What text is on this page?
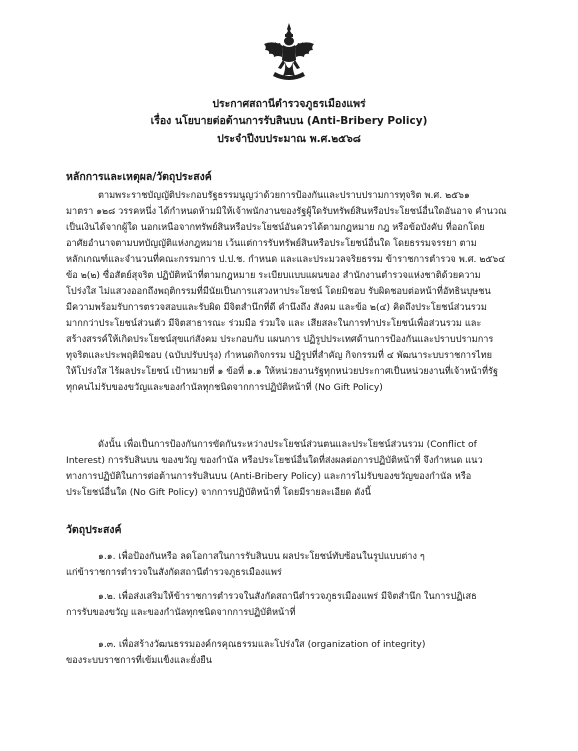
ประกาศสถานีตำรวจภูธรเมืองแพร่
เรื่อง นโยบายต่อต้านการรับสินบน (Anti-Bribery Policy)
ประจำปีงบประมาณ พ.ศ.๒๕๖๘
หลักการและเหตุผล/วัตถุประสงค์
ตามพระราชบัญญัติประกอบรัฐธรรมนูญว่าด้วยการป้องกันและปราบปรามการทุจริต พ.ศ. ๒๕๖๑
มาตรา ๑๒๘ วรรคหนึ่ง ได้กำหนดห้ามมิให้เจ้าพนักงานของรัฐผู้ใดรับทรัพย์สินหรือประโยชน์อื่นใดอันอาจ คำนวณ
เป็นเงินได้จากผู้ใด นอกเหนือจากทรัพย์สินหรือประโยชน์อันควรได้ตามกฎหมาย กฎ หรือข้อบังคับ ที่ออกโดย
อาศัยอำนาจตามบทบัญญัติแห่งกฎหมาย เว้นแต่การรับทรัพย์สินหรือประโยชน์อื่นใด โดยธรรมจรรยา ตาม
หลักเกณฑ์และจำนวนที่คณะกรรมการ ป.ป.ช. กำหนด และและประมวลจริยธรรม ข้าราชการตำรวจ พ.ศ. ๒๕๖๔
ข้อ ๒(๒) ซื่อสัตย์สุจริต ปฏิบัติหน้าที่ตามกฎหมาย ระเบียบแบบแผนของ สำนักงานตำรวจแห่งชาติด้วยความ
โปร่งใส ไม่แสวงออกถึงพฤติกรรมที่มีนัยเป็นการแสวงหาประโยชน์ โดยมิชอบ รับผิดชอบต่อหน้าที่อัทธินบุษชน
มีความพร้อมรับการตรวจสอบและรับผิด มีจิตสำนึกที่ดี คำนึงถึง สังคม และข้อ ๒(๔) คิดถึงประโยชน์ส่วนรวม
มากกว่าประโยชน์ส่วนตัว มีจิตสาธารณะ ร่วมมือ ร่วมใจ และ เสียสละในการทำประโยชน์เพื่อส่วนรวม และ
สร้างสรรค์ให้เกิดประโยชน์สุขแก่สังคม ประกอบกับ แผนการ ปฏิรูปประเทศด้านการป้องกันและปราบปรามการ
ทุจริตและประพฤติมิชอบ (ฉบับปรับปรุง) กำหนดกิจกรรม ปฏิรูปที่สำคัญ กิจกรรมที่ ๔ พัฒนาระบบราชการไทย
ให้โปร่งใส ไร้ผลประโยชน์ เป้าหมายที่ ๑ ข้อที่ ๑.๑ ให้หน่วยงานรัฐทุกหน่วยประกาศเป็นหน่วยงานที่เจ้าหน้าที่รัฐ
ทุกคนไม่รับของขวัญและของกำนัลทุกชนิดจากการปฏิบัติหน้าที่ (No Gift Policy)
ดังนั้น เพื่อเป็นการป้องกันการขัดกันระหว่างประโยชน์ส่วนตนและประโยชน์ส่วนรวม (Conflict of
Interest) การรับสินบน ของขวัญ ของกำนัล หรือประโยชน์อื่นใดที่ส่งผลต่อการปฏิบัติหน้าที่ จึงกำหนด แนว
ทางการปฏิบัติในการต่อต้านการรับสินบน (Anti-Bribery Policy) และการไม่รับของขวัญของกำนัล หรือ
ประโยชน์อื่นใด (No Gift Policy) จากการปฏิบัติหน้าที่ โดยมีรายละเอียด ดังนี้
วัตถุประสงค์
๑.๑. เพื่อป้องกันหรือ ลดโอกาสในการรับสินบน ผลประโยชน์ทับซ้อนในรูปแบบต่าง ๆ
แก่ข้าราชการตำรวจในสังกัดสถานีตำรวจภูธรเมืองแพร่
๑.๒. เพื่อส่งเสริมให้ข้าราชการตำรวจในสังกัดสถานีตำรวจภูธรเมืองแพร่ มีจิตสำนึก ในการปฏิเสธ
การรับของขวัญ และของกำนัลทุกชนิดจากการปฏิบัติหน้าที่
๑.๓. เพื่อสร้างวัฒนธรรมองค์กรคุณธรรมและโปร่งใส (organization of integrity)
ของระบบราชการที่เข้มแข็งและยั่งยืน
